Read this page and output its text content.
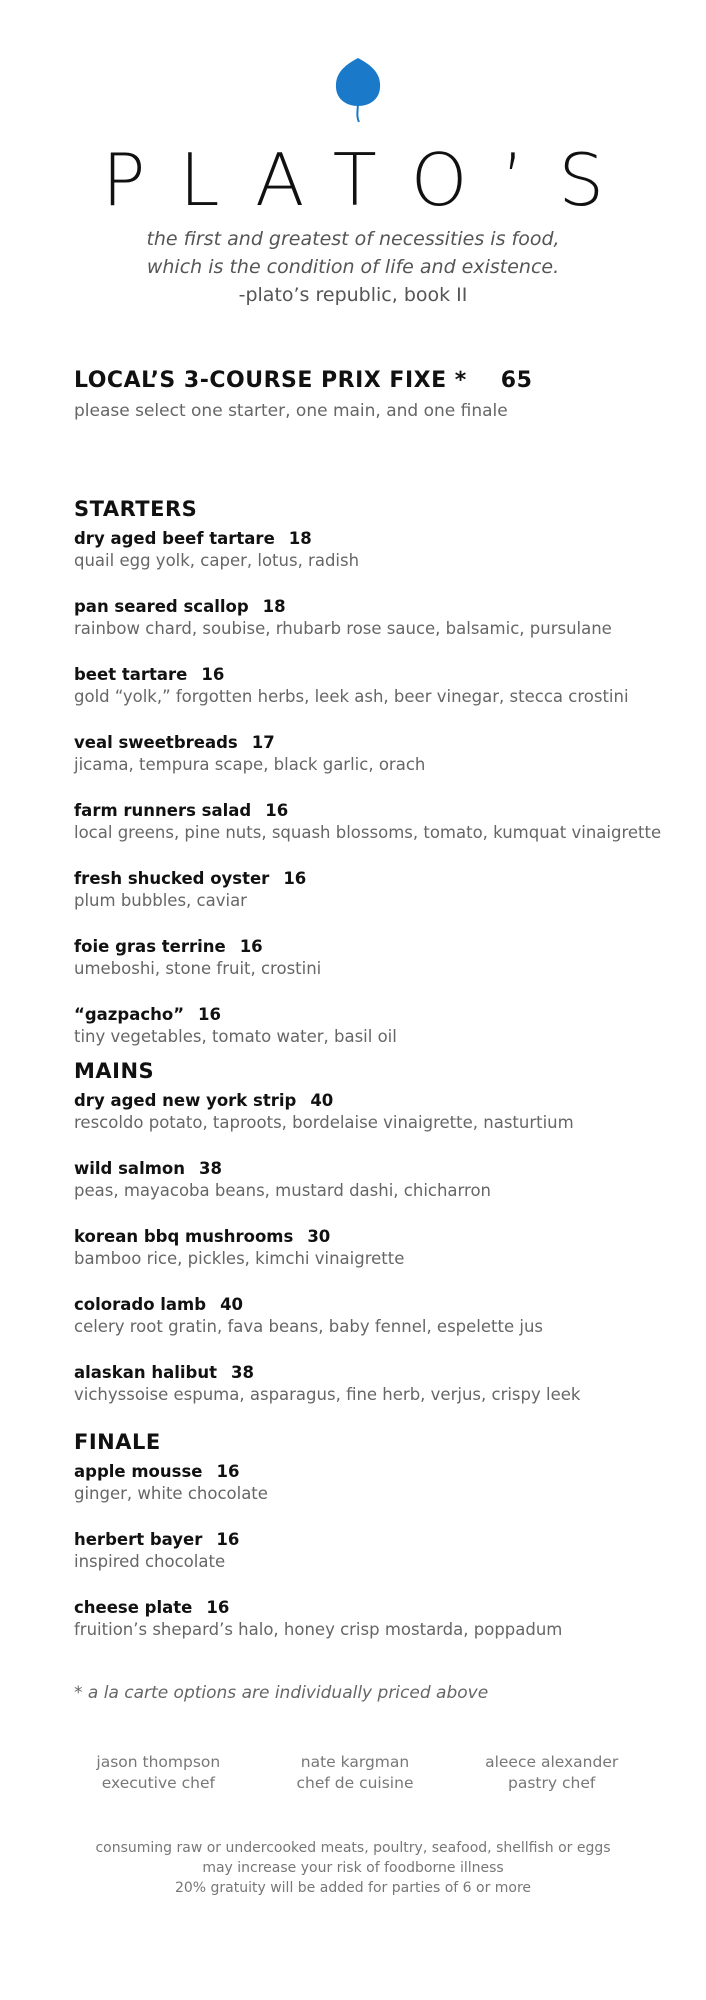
PLATO’S
the first and greatest of necessities is food,
which is the condition of life and existence.
-plato’s republic, book II
LOCAL’S 3-COURSE PRIX FIXE * 65
please select one starter, one main, and one finale
STARTERS
dry aged beef tartare 18
quail egg yolk, caper, lotus, radish
pan seared scallop 18
rainbow chard, soubise, rhubarb rose sauce, balsamic, pursulane
beet tartare 16
gold “yolk,” forgotten herbs, leek ash, beer vinegar, stecca crostini
veal sweetbreads 17
jicama, tempura scape, black garlic, orach
farm runners salad 16
local greens, pine nuts, squash blossoms, tomato, kumquat vinaigrette
fresh shucked oyster 16
plum bubbles, caviar
foie gras terrine 16
umeboshi, stone fruit, crostini
“gazpacho” 16
tiny vegetables, tomato water, basil oil
MAINS
dry aged new york strip 40
rescoldo potato, taproots, bordelaise vinaigrette, nasturtium
wild salmon 38
peas, mayacoba beans, mustard dashi, chicharron
korean bbq mushrooms 30
bamboo rice, pickles, kimchi vinaigrette
colorado lamb 40
celery root gratin, fava beans, baby fennel, espelette jus
alaskan halibut 38
vichyssoise espuma, asparagus, fine herb, verjus, crispy leek
FINALE
apple mousse 16
ginger, white chocolate
herbert bayer 16
inspired chocolate
cheese plate 16
fruition’s shepard’s halo, honey crisp mostarda, poppadum
* a la carte options are individually priced above
jason thompson
executive chef
nate kargman
chef de cuisine
aleece alexander
pastry chef
consuming raw or undercooked meats, poultry, seafood, shellfish or eggs
may increase your risk of foodborne illness
20% gratuity will be added for parties of 6 or more
